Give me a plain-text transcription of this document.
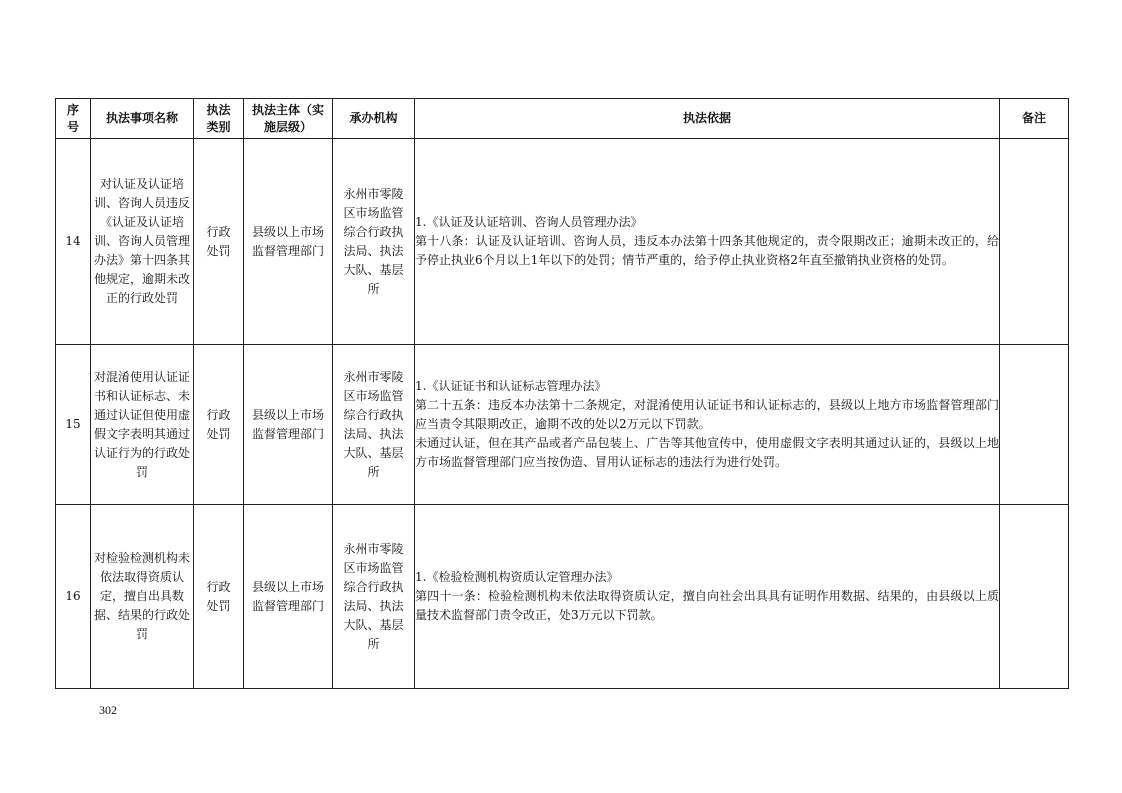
序号	执法事项名称	执法类别	执法主体（实施层级）	承办机构	执法依据	备注
14	对认证及认证培训、咨询人员违反《认证及认证培训、咨询人员管理办法》第十四条其他规定，逾期未改正的行政处罚	行政处罚	县级以上市场监督管理部门	永州市零陵区市场监管综合行政执法局、执法大队、基层所	1.《认证及认证培训、咨询人员管理办法》
第十八条：认证及认证培训、咨询人员，违反本办法第十四条其他规定的，责令限期改正；逾期未改正的，给予停止执业6个月以上1年以下的处罚；情节严重的，给予停止执业资格2年直至撤销执业资格的处罚。	

15	对混淆使用认证证书和认证标志、未通过认证但使用虚假文字表明其通过认证行为的行政处罚	行政处罚	县级以上市场监督管理部门	永州市零陵区市场监管综合行政执法局、执法大队、基层所	1.《认证证书和认证标志管理办法》
第二十五条：违反本办法第十二条规定，对混淆使用认证证书和认证标志的，县级以上地方市场监督管理部门应当责令其限期改正，逾期不改的处以2万元以下罚款。
未通过认证，但在其产品或者产品包装上、广告等其他宣传中，使用虚假文字表明其通过认证的，县级以上地方市场监督管理部门应当按伪造、冒用认证标志的违法行为进行处罚。	

16	对检验检测机构未依法取得资质认定，擅自出具数据、结果的行政处罚	行政处罚	县级以上市场监督管理部门	永州市零陵区市场监管综合行政执法局、执法大队、基层所	1.《检验检测机构资质认定管理办法》
第四十一条：检验检测机构未依法取得资质认定，擅自向社会出具具有证明作用数据、结果的，由县级以上质量技术监督部门责令改正，处3万元以下罚款。	

302
